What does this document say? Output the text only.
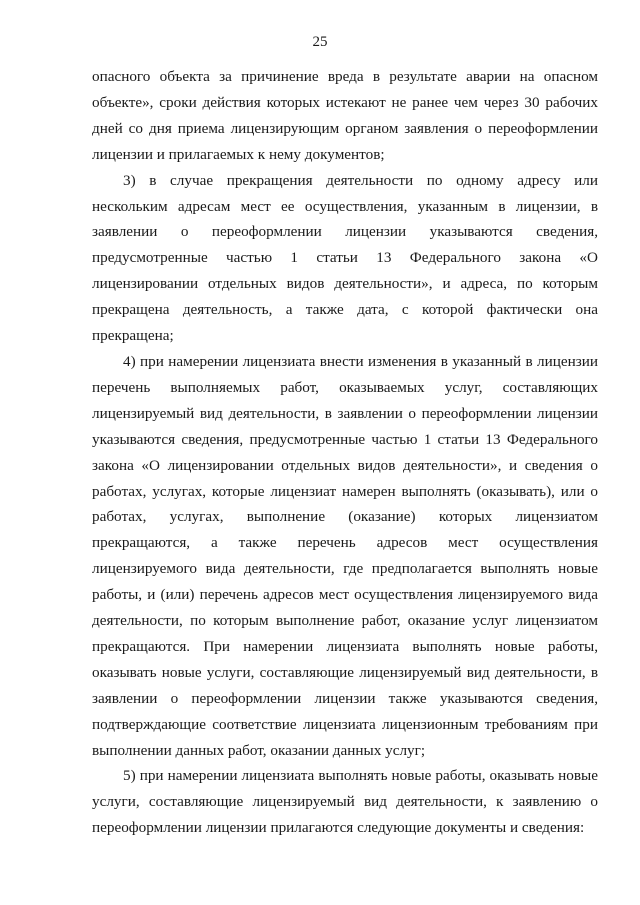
25

опасного объекта за причинение вреда в результате аварии на опасном объекте», сроки действия которых истекают не ранее чем через 30 рабочих дней со дня приема лицензирующим органом заявления о переоформлении лицензии и прилагаемых к нему документов;

3) в случае прекращения деятельности по одному адресу или нескольким адресам мест ее осуществления, указанным в лицензии, в заявлении о переоформлении лицензии указываются сведения, предусмотренные частью 1 статьи 13 Федерального закона «О лицензировании отдельных видов деятельности», и адреса, по которым прекращена деятельность, а также дата, с которой фактически она прекращена;

4) при намерении лицензиата внести изменения в указанный в лицензии перечень выполняемых работ, оказываемых услуг, составляющих лицензируемый вид деятельности, в заявлении о переоформлении лицензии указываются сведения, предусмотренные частью 1 статьи 13 Федерального закона «О лицензировании отдельных видов деятельности», и сведения о работах, услугах, которые лицензиат намерен выполнять (оказывать), или о работах, услугах, выполнение (оказание) которых лицензиатом прекращаются, а также перечень адресов мест осуществления лицензируемого вида деятельности, где предполагается выполнять новые работы, и (или) перечень адресов мест осуществления лицензируемого вида деятельности, по которым выполнение работ, оказание услуг лицензиатом прекращаются. При намерении лицензиата выполнять новые работы, оказывать новые услуги, составляющие лицензируемый вид деятельности, в заявлении о переоформлении лицензии также указываются сведения, подтверждающие соответствие лицензиата лицензионным требованиям при выполнении данных работ, оказании данных услуг;

5) при намерении лицензиата выполнять новые работы, оказывать новые услуги, составляющие лицензируемый вид деятельности, к заявлению о переоформлении лицензии прилагаются следующие документы и сведения:
